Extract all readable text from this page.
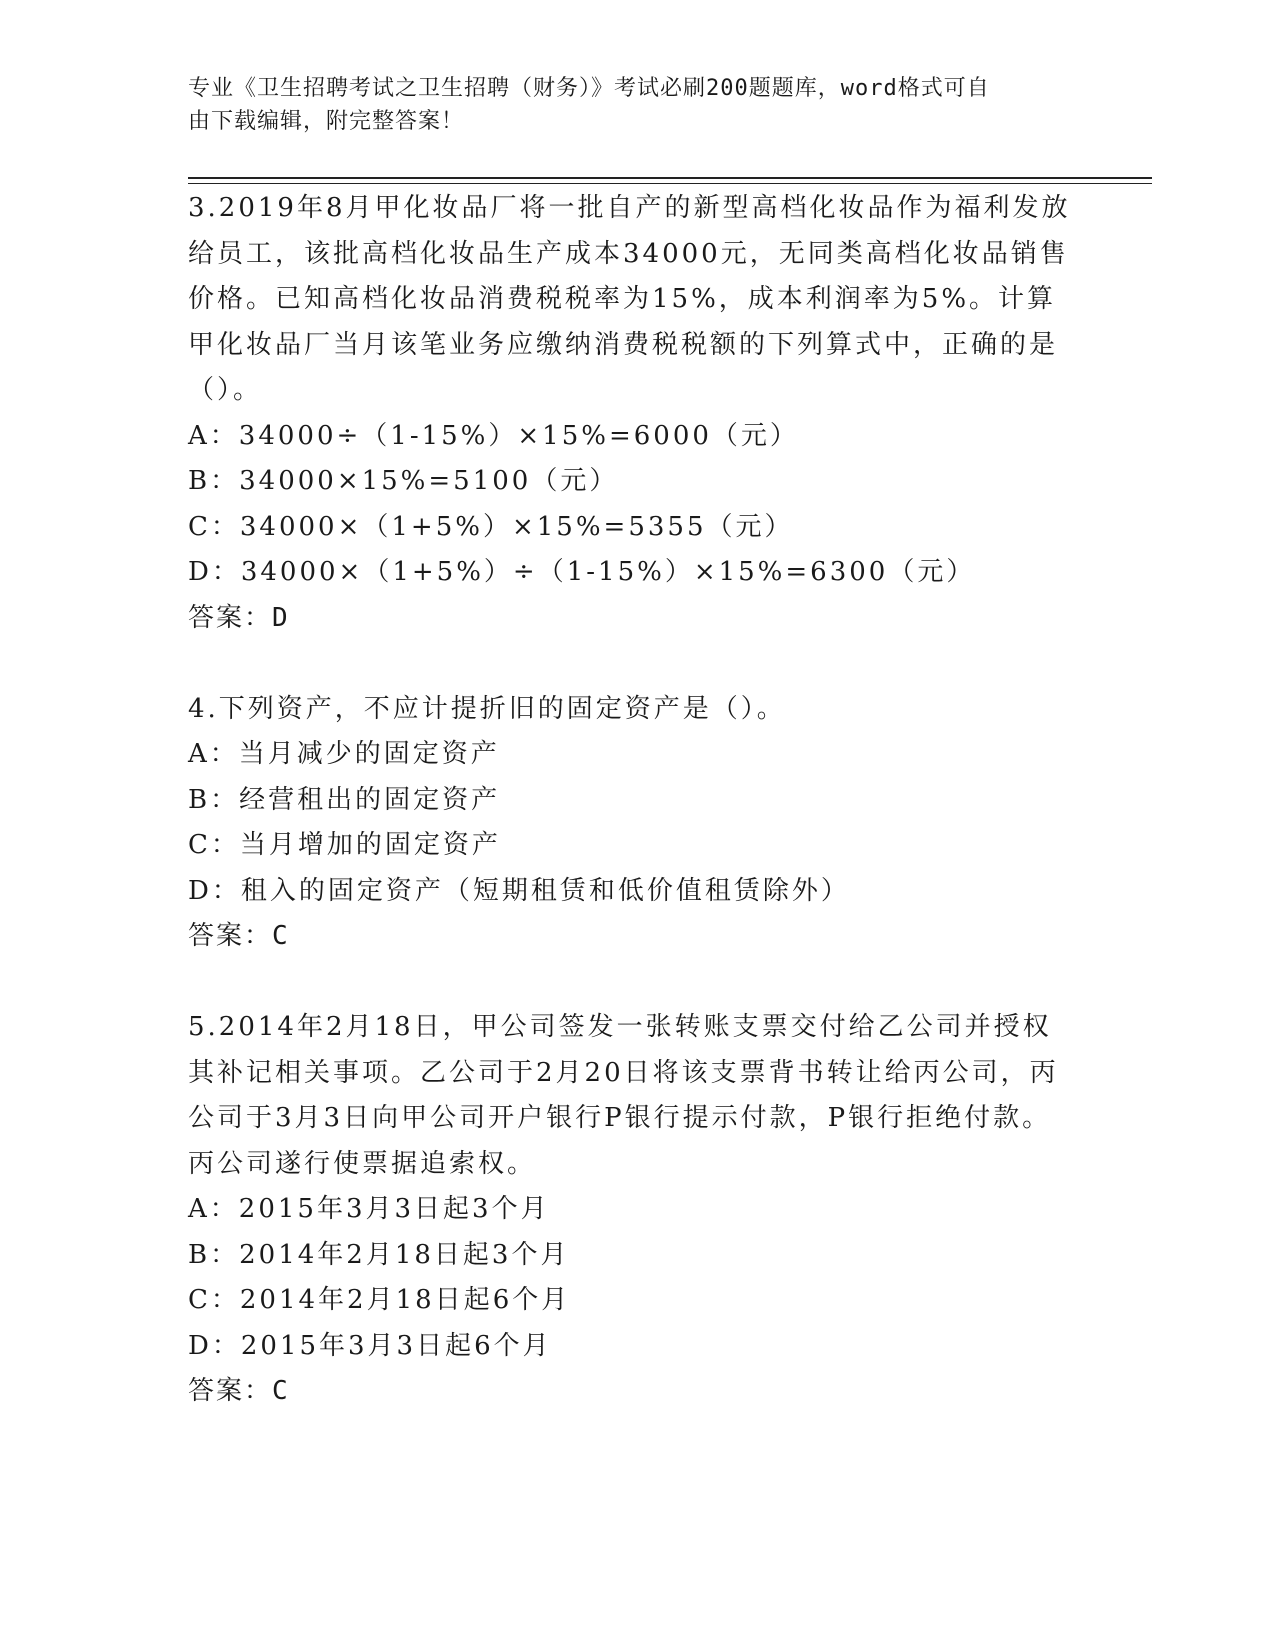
专业《卫生招聘考试之卫生招聘（财务）》考试必刷200题题库，word格式可自
由下载编辑，附完整答案！

3.2019年8月甲化妆品厂将一批自产的新型高档化妆品作为福利发放给员工，该批高档化妆品生产成本34000元，无同类高档化妆品销售价格。已知高档化妆品消费税税率为15%，成本利润率为5%。计算甲化妆品厂当月该笔业务应缴纳消费税税额的下列算式中，正确的是（）。

A：34000÷（1-15%）×15%=6000（元）

B：34000×15%=5100（元）

C：34000×（1+5%）×15%=5355（元）

D：34000×（1+5%）÷（1-15%）×15%=6300（元）

答案：D

4.下列资产，不应计提折旧的固定资产是（）。

A：当月减少的固定资产

B：经营租出的固定资产

C：当月增加的固定资产

D：租入的固定资产（短期租赁和低价值租赁除外）

答案：C

5.2014年2月18日，甲公司签发一张转账支票交付给乙公司并授权其补记相关事项。乙公司于2月20日将该支票背书转让给丙公司，丙公司于3月3日向甲公司开户银行P银行提示付款，P银行拒绝付款。丙公司遂行使票据追索权。

A：2015年3月3日起3个月

B：2014年2月18日起3个月

C：2014年2月18日起6个月

D：2015年3月3日起6个月

答案：C
